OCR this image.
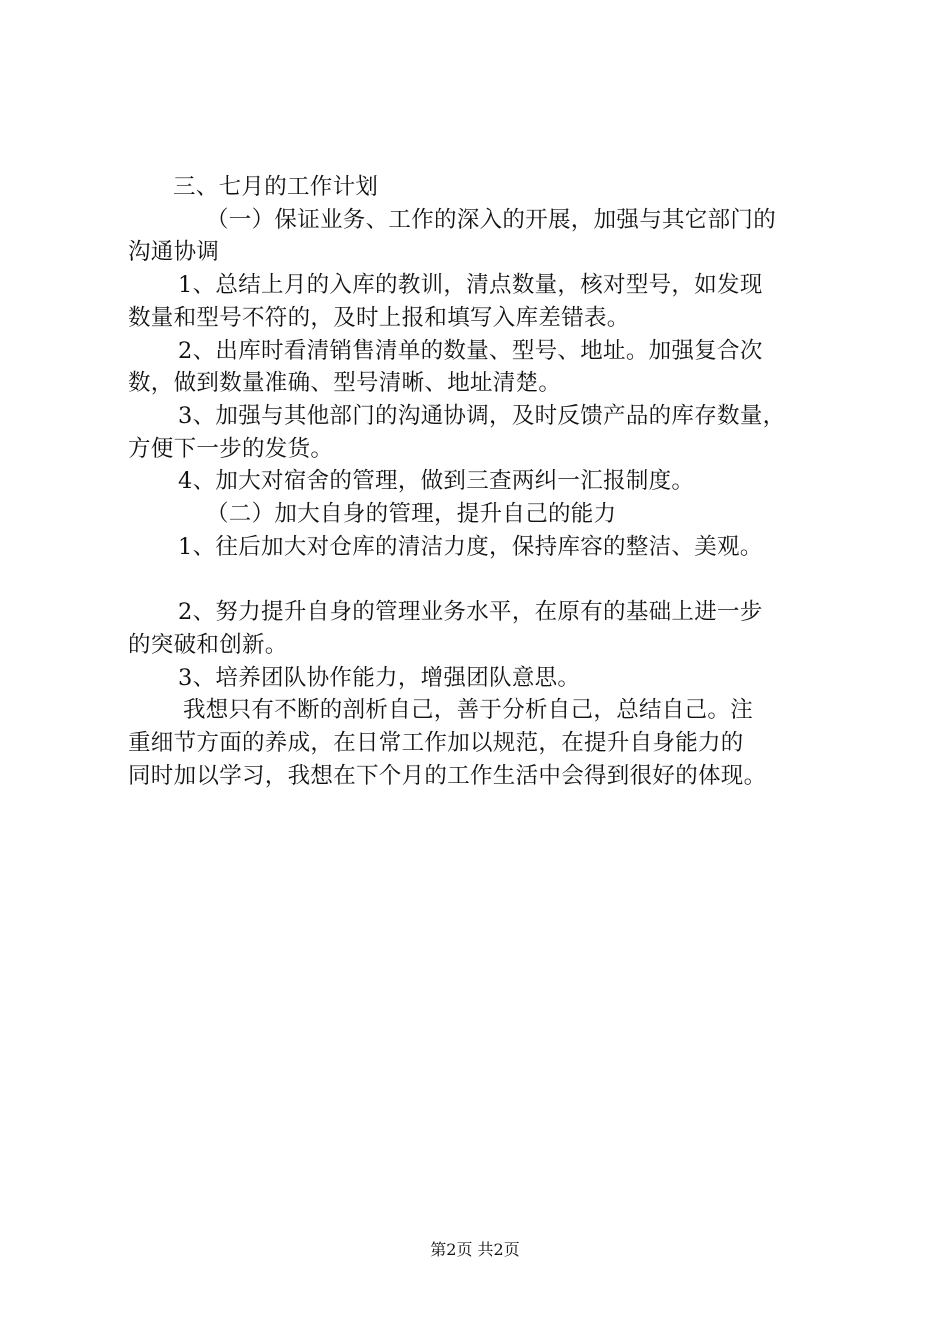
三、七月的工作计划
（一）保证业务、工作的深入的开展，加强与其它部门的
沟通协调
1、总结上月的入库的教训，清点数量，核对型号，如发现
数量和型号不符的，及时上报和填写入库差错表。
2、出库时看清销售清单的数量、型号、地址。加强复合次
数，做到数量准确、型号清晰、地址清楚。
3、加强与其他部门的沟通协调，及时反馈产品的库存数量，
方便下一步的发货。
4、加大对宿舍的管理，做到三查两纠一汇报制度。
（二）加大自身的管理，提升自己的能力
1、往后加大对仓库的清洁力度，保持库容的整洁、美观。
2、努力提升自身的管理业务水平，在原有的基础上进一步
的突破和创新。
3、培养团队协作能力，增强团队意思。
我想只有不断的剖析自己，善于分析自己，总结自己。注
重细节方面的养成，在日常工作加以规范，在提升自身能力的
同时加以学习，我想在下个月的工作生活中会得到很好的体现。
第2页 共2页
